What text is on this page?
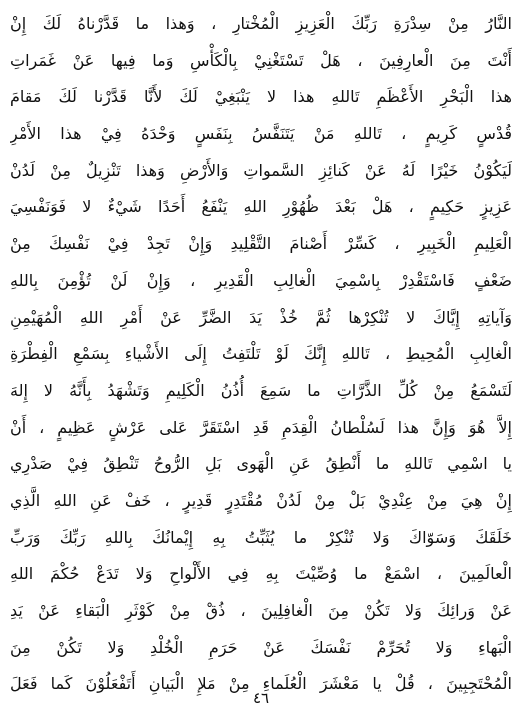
النَّارُ مِنْ سِدْرَةِ رَبِّكَ الْعَزِيزِ الْمُخْتارِ ، وَهذا ما قَدَّرْناهُ لَكَ إِنْ
أَنْتَ مِنَ الْعارِفِينَ ، هَلْ تَسْتَغْنِيْ بِالْكَأْسِ وَما فِيها عَنْ غَمَراتِ
هذا الْبَحْرِ الأَعْظَمِ تَاللهِ هذا لا يَنْبَغِيْ لَكَ لأَنَّا قَدَّرْنا لَكَ مَقامَ
قُدْسٍ كَرِيمٍ ، تَاللهِ مَنْ يَتَنَفَّسُ بِنَفَسٍ وَحْدَهُ فِيْ هذا الأَمْرِ
لَيَكُوْنُ خَيْرًا لَهُ عَنْ كَنائِزِ السَّمواتِ وَالأَرْضِ وَهذا تَنْزِيلٌ مِنْ لَدُنْ
عَزِيزٍ حَكِيمٍ ، هَلْ بَعْدَ ظُهُوْرِ اللهِ يَنْفَعُ أَحَدًا شَيْءٌ لا فَوَنَفْسِيَ
الْعَلِيمِ الْخَبِيرِ ، كَسِّرْ أَصْنامَ التَّقْلِيدِ وَإِنْ تَجِدْ فِيْ نَفْسِكَ مِنْ
ضَعْفٍ فَاسْتَقْدِرْ بِاسْمِيَ الْغالِبِ الْقَدِيرِ ، وَإِنْ لَنْ تُؤْمِنَ بِاللهِ
وَآياتِهِ إِيَّاكَ لا تُنْكِرْها ثُمَّ خُذْ يَدَ الضَّرِّ عَنْ أَمْرِ اللهِ الْمُهَيْمِنِ
الْغالِبِ الْمُحِيطِ ، تَاللهِ إِنَّكَ لَوْ تَلْتَفِتُ إِلَى الأَشْياءِ بِسَمْعِ الْفِطْرَةِ
لَتَسْمَعُ مِنْ كُلِّ الذَّرَّاتِ ما سَمِعَ أُذُنُ الْكَلِيمِ وَتَشْهَدُ بِأَنَّهُ لا إِلهَ
إِلاَّ هُوَ وَإِنَّ هذا لَسُلْطانُ الْقِدَمِ قَدِ اسْتَقَرَّ عَلى عَرْشٍ عَظِيمٍ ، أَنْ
يا اسْمِي تَاللهِ ما أَنْطِقُ عَنِ الْهَوى بَلِ الرُّوحُ تَنْطِقُ فِيْ صَدْرِي
إِنْ هِيَ مِنْ عِنْدِيْ بَلْ مِنْ لَدُنْ مُقْتَدِرٍ قَدِيرٍ ، خَفْ عَنِ اللهِ الَّذِي
خَلَقَكَ وَسَوّاكَ وَلا تُنْكِرْ ما يُثَبِّتُ بِهِ إِيْمانُكَ بِاللهِ رَبِّكَ وَرَبِّ
الْعالَمِينَ ، اسْمَعْ ما وُصِّيْتَ بِهِ فِي الأَلْواحِ وَلا تَدَعْ حُكْمَ اللهِ
عَنْ وَرائِكَ وَلا تَكُنْ مِنَ الْغافِلِينَ ، ذُقْ مِنْ كَوْثَرِ الْبَقاءِ عَنْ يَدِ
الْبَهاءِ وَلا تُحَرِّمْ نَفْسَكَ عَنْ حَرَمِ الْخُلْدِ وَلا تَكُنْ مِنَ
الْمُحْتَجِبِينَ ، قُلْ يا مَعْشَرَ الْعُلَماءِ مِنْ مَلإِ الْبَيانِ أَتَفْعَلُوْنَ كَما فَعَلَ
٤٦
